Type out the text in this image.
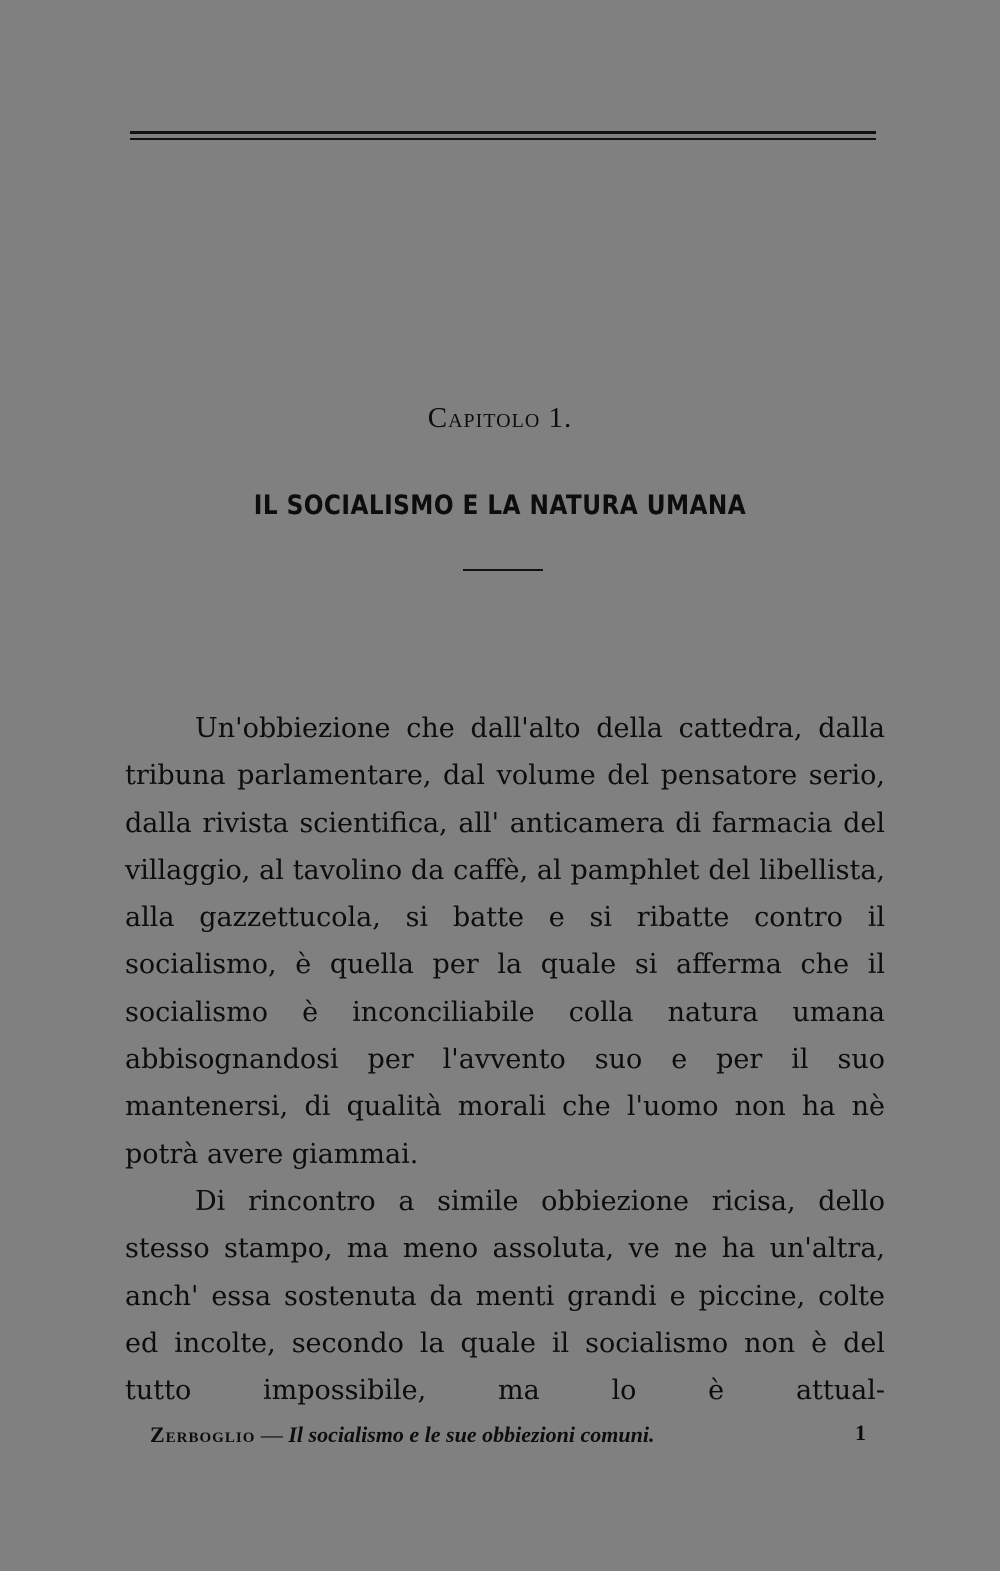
Capitolo 1.
IL SOCIALISMO E LA NATURA UMANA

Un'obbiezione che dall'alto della cattedra, dalla tribuna parlamentare, dal volume del pensatore serio, dalla rivista scientifica, all' anticamera di farmacia del villaggio, al tavolino da caffè, al pamphlet del libellista, alla gazzettucola, si batte e si ribatte contro il socialismo, è quella per la quale si afferma che il socialismo è inconciliabile colla natura umana abbisognandosi per l'avvento suo e per il suo mantenersi, di qualità morali che l'uomo non ha nè potrà avere giammai.

Di rincontro a simile obbiezione ricisa, dello stesso stampo, ma meno assoluta, ve ne ha un'altra, anch' essa sostenuta da menti grandi e piccine, colte ed incolte, secondo la quale il socialismo non è del tutto impossibile, ma lo è attual-

Zerboglio — Il socialismo e le sue obbiezioni comuni.	1
